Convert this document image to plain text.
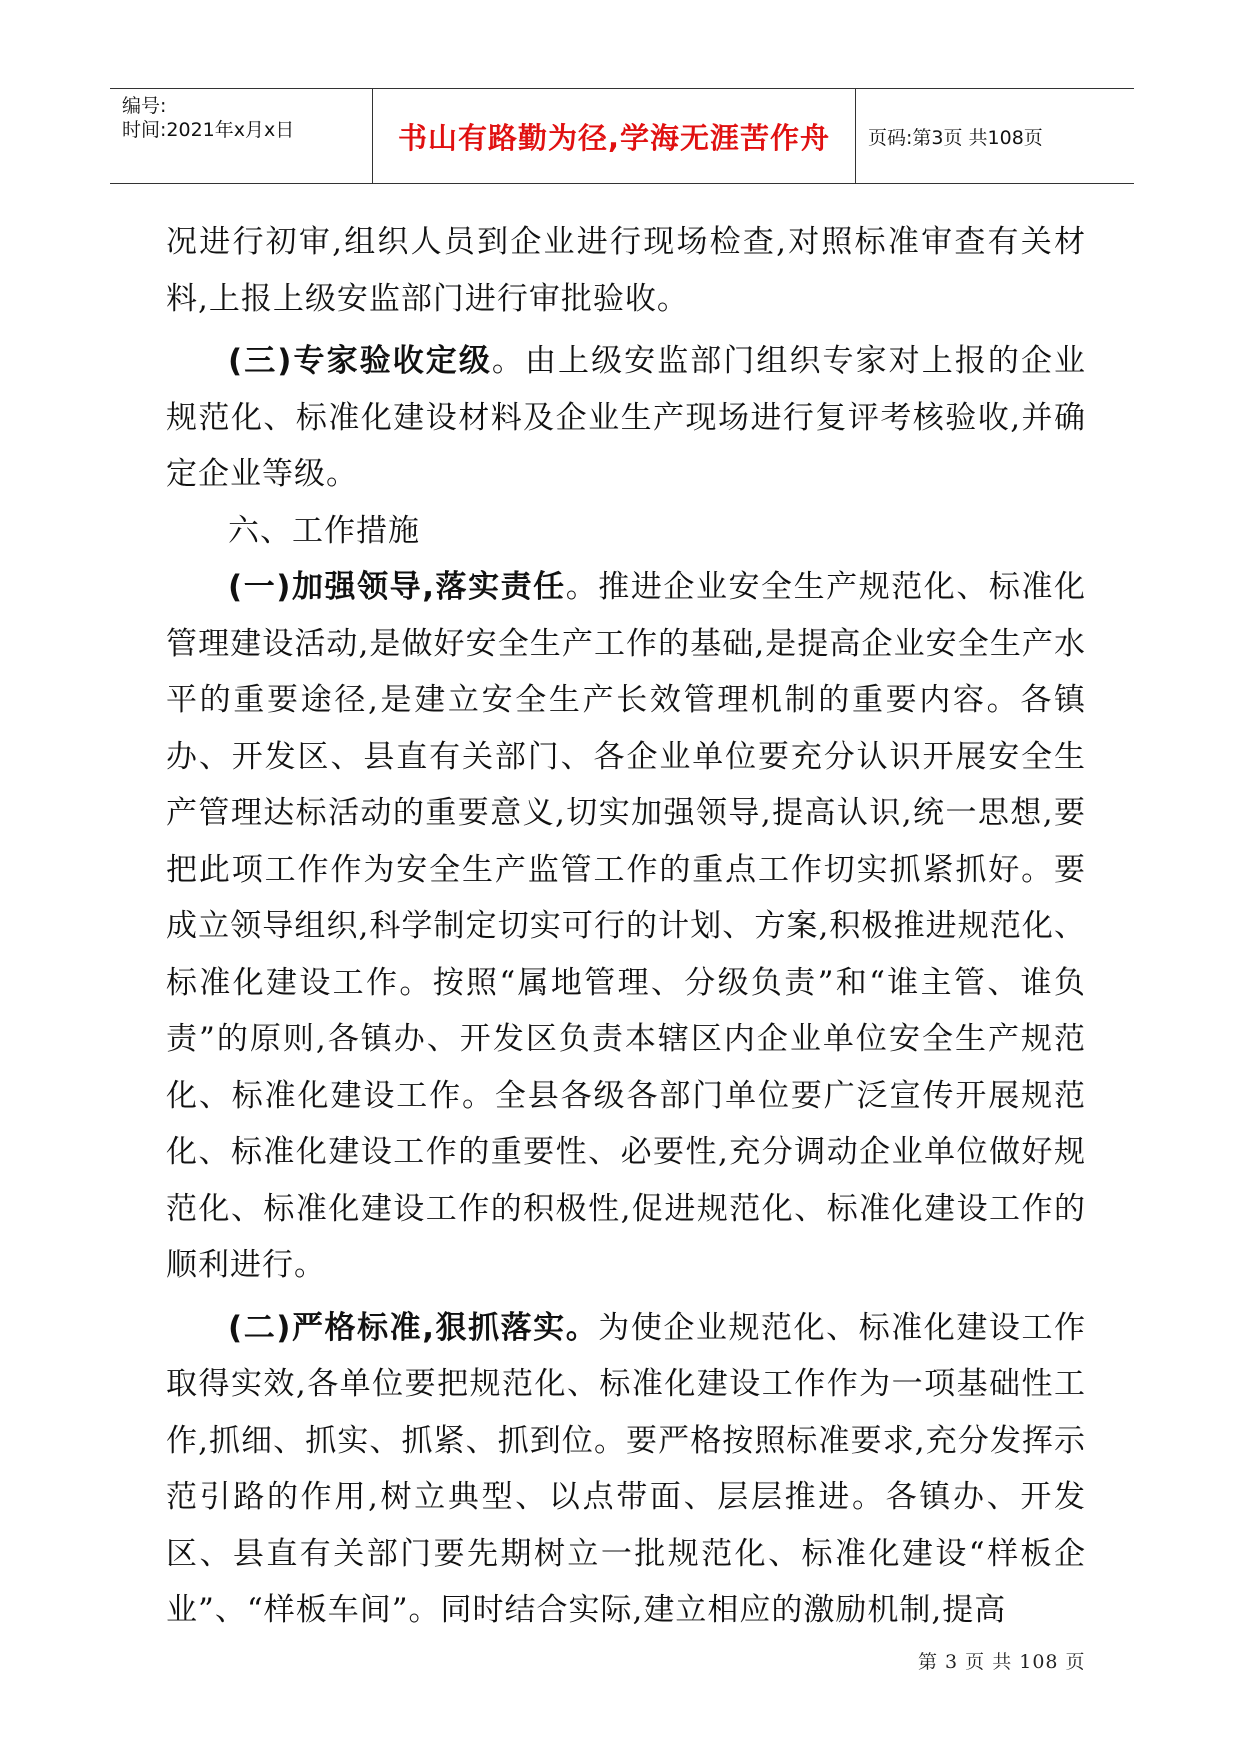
编号:
时间:2021年x月x日	书山有路勤为径,学海无涯苦作舟 页码:第3页 共108页

况进行初审,组织人员到企业进行现场检查,对照标准审查有关材料,上报上级安监部门进行审批验收。

(三)专家验收定级。由上级安监部门组织专家对上报的企业规范化、标准化建设材料及企业生产现场进行复评考核验收,并确定企业等级。

六、工作措施

(一)加强领导,落实责任。推进企业安全生产规范化、标准化管理建设活动,是做好安全生产工作的基础,是提高企业安全生产水平的重要途径,是建立安全生产长效管理机制的重要内容。各镇办、开发区、县直有关部门、各企业单位要充分认识开展安全生产管理达标活动的重要意义,切实加强领导,提高认识,统一思想,要把此项工作作为安全生产监管工作的重点工作切实抓紧抓好。要成立领导组织,科学制定切实可行的计划、方案,积极推进规范化、标准化建设工作。按照“属地管理、分级负责”和“谁主管、谁负责”的原则,各镇办、开发区负责本辖区内企业单位安全生产规范化、标准化建设工作。全县各级各部门单位要广泛宣传开展规范化、标准化建设工作的重要性、必要性,充分调动企业单位做好规范化、标准化建设工作的积极性,促进规范化、标准化建设工作的顺利进行。

(二)严格标准,狠抓落实。为使企业规范化、标准化建设工作取得实效,各单位要把规范化、标准化建设工作作为一项基础性工作,抓细、抓实、抓紧、抓到位。要严格按照标准要求,充分发挥示范引路的作用,树立典型、以点带面、层层推进。各镇办、开发区、县直有关部门要先期树立一批规范化、标准化建设“样板企业”、“样板车间”。同时结合实际,建立相应的激励机制,提高

第 3 页 共 108 页
